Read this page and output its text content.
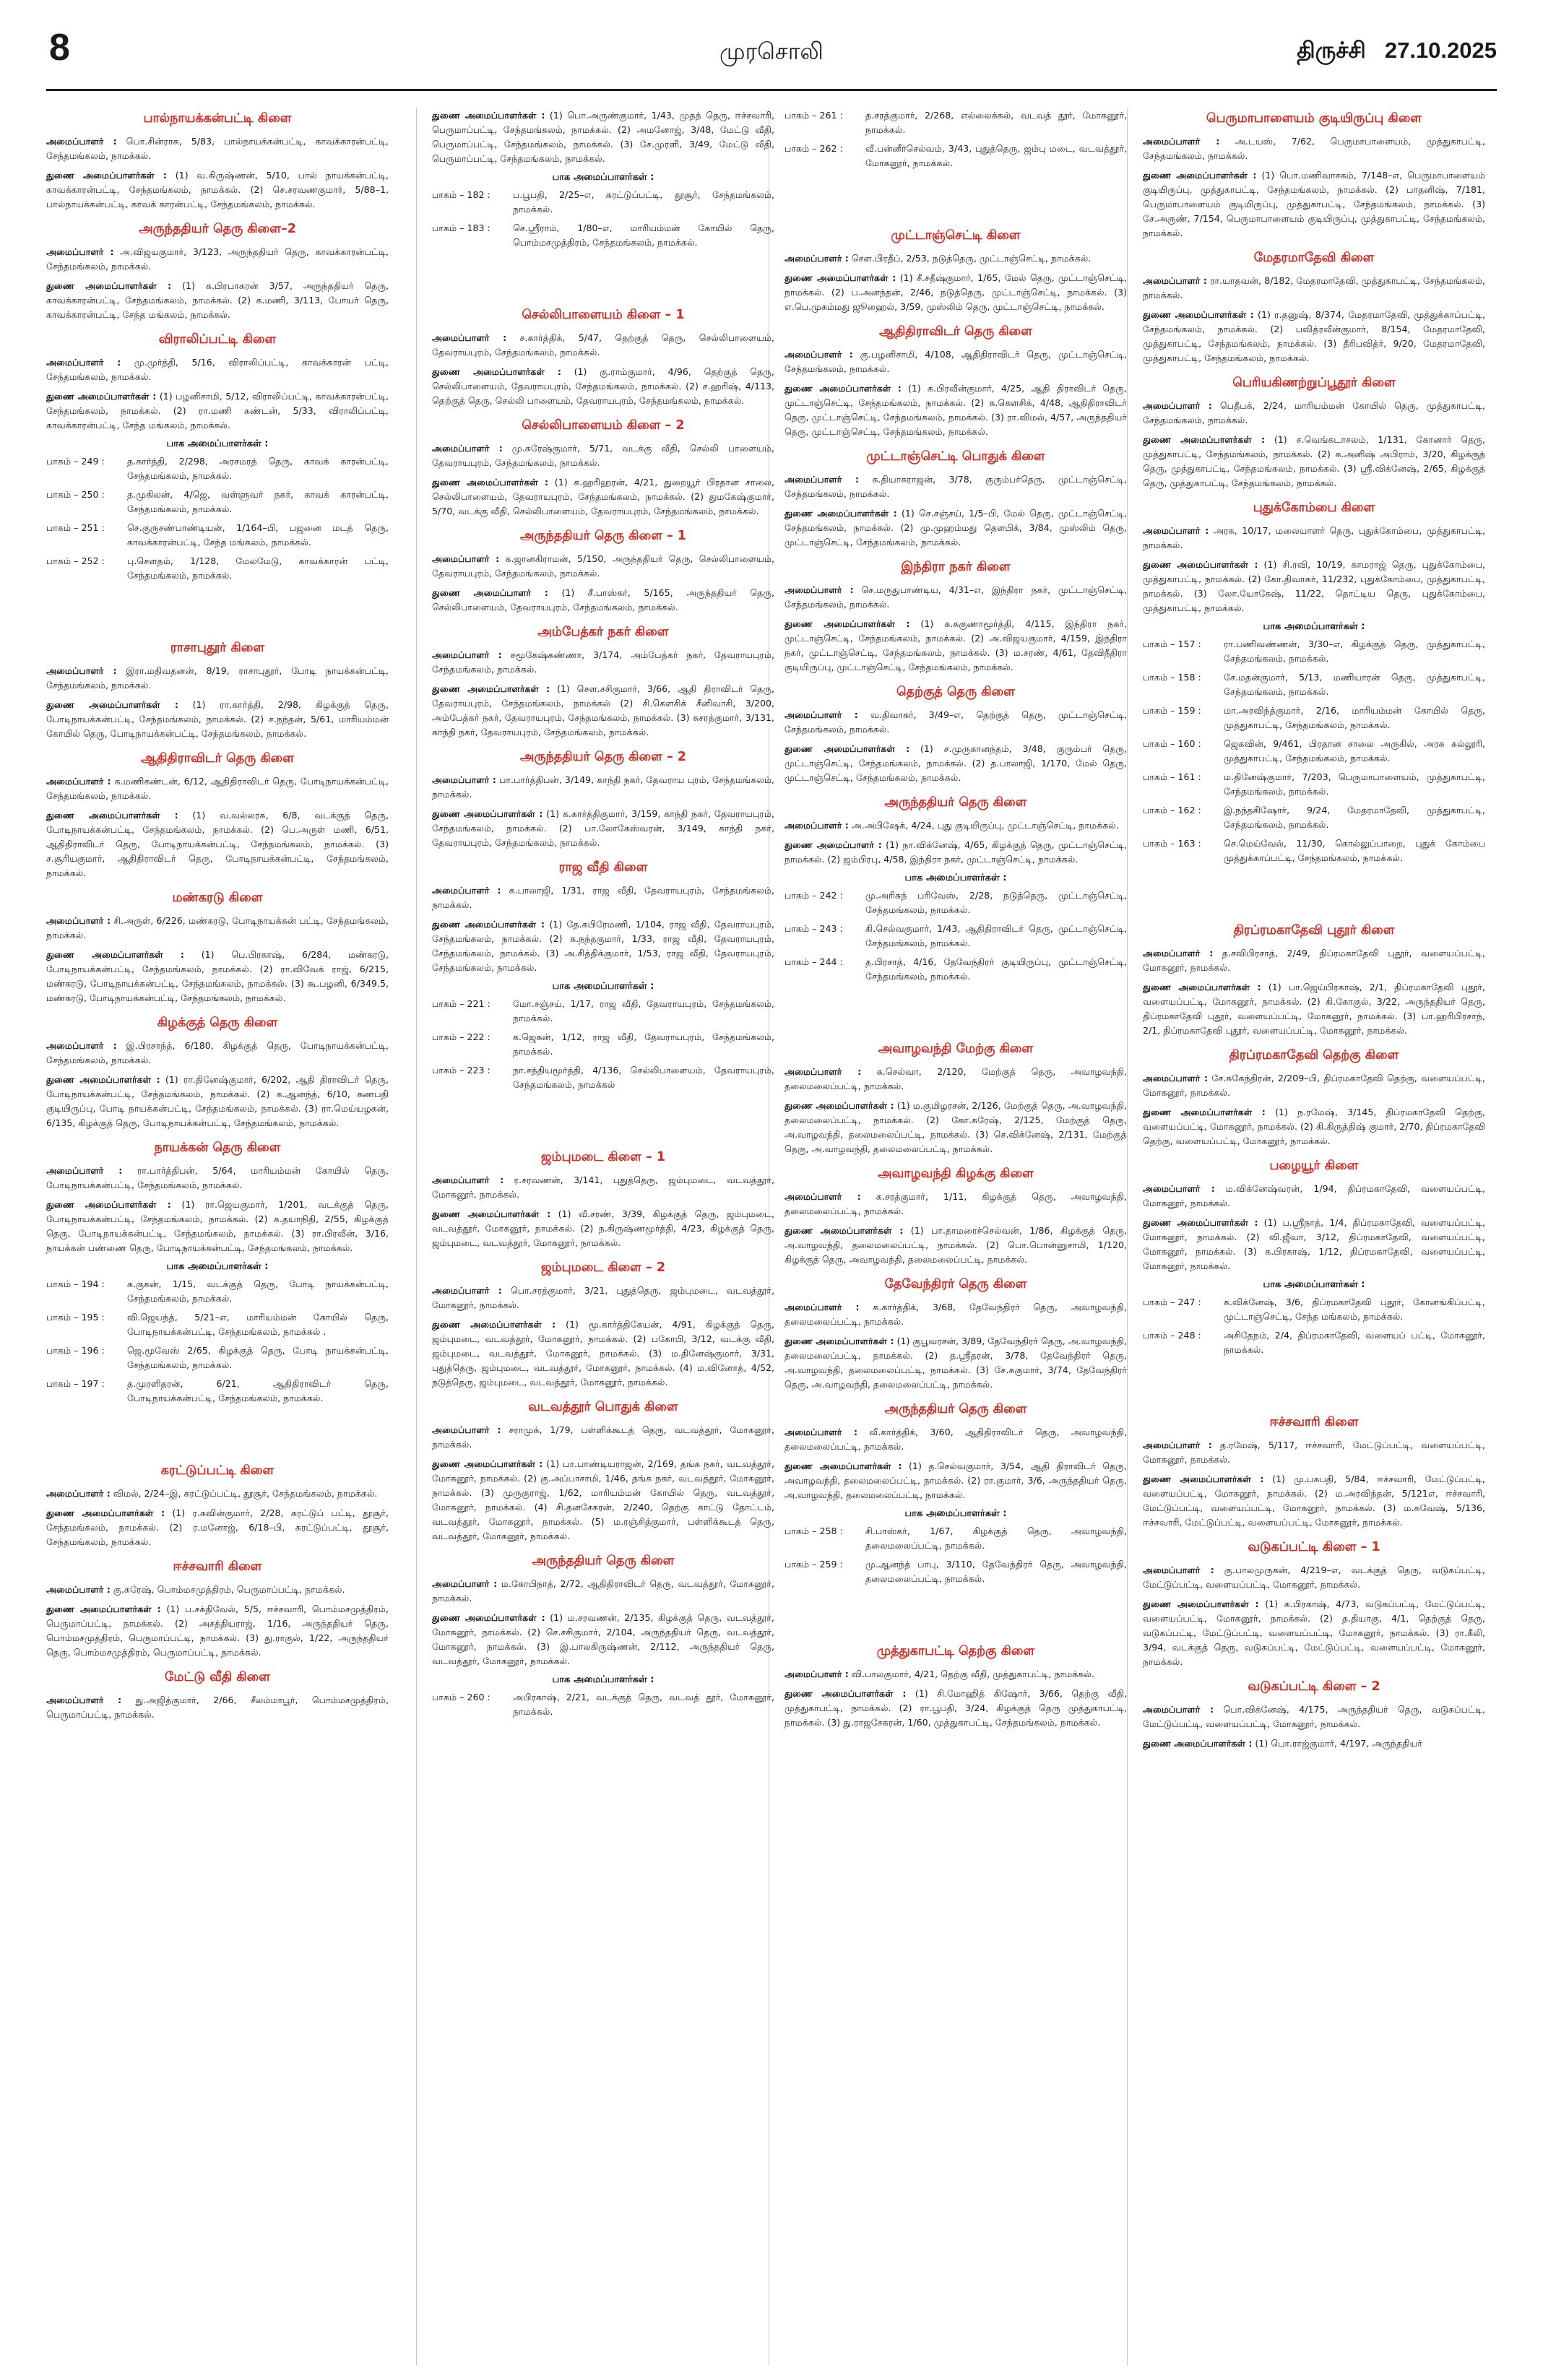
8	முரசொலி	திருச்சி 27.10.2025
பால்நாயக்கன்பட்டி கிளை

அமைப்பாளர் : பொ.சின்ராசு, 5/83, பால்நாயக்கன்பட்டி, காவக்காரன்பட்டி, சேந்தமங்கலம், நாமக்கல்.

துணை அமைப்பாளர்கள் : (1) வ.கிருஷ்ணன், 5/10, பால் நாயக்கன்பட்டி, காவக்காரன்பட்டி, சேந்தமங்கலம், நாமக்கல். (2) செ.சரவணகுமார், 5/88–1, பால்நாயக்கன்பட்டி, காவக் காரன்பட்டி, சேந்தமங்கலம், நாமக்கல்.

அருந்ததியர் தெரு கிளை–2

அமைப்பாளர் : அ.விஜயகுமார், 3/123, அருந்ததியர் தெரு, காவக்காரன்பட்டி, சேந்தமங்கலம், நாமக்கல்.

துணை அமைப்பாளர்கள் : (1) க.பிரபாகரன் 3/57, அருந்ததியர் தெரு, காவக்காரன்பட்டி, சேந்தமங்கலம், நாமக்கல். (2) க.மணி, 3/113, போயர் தெரு, காவக்காரன்பட்டி, சேந்த மங்கலம், நாமக்கல்.

விராலிப்பட்டி கிளை

அமைப்பாளர் : மு.முர்த்தி, 5/16, விராலிப்பட்டி, காவக்காரன் பட்டி, சேந்தமங்கலம், நாமக்கல்.

துணை அமைப்பாளர்கள் : (1) பழனிசாமி, 5/12, விராலிப்பட்டி, காவக்காரன்பட்டி, சேந்தமங்கலம், நாமக்கல். (2) ரா.மணி கண்டன், 5/33, விராலிப்பட்டி, காவக்காரன்பட்டி, சேந்த மங்கலம், நாமக்கல்.

பாக அமைப்பாளர்கள் :
பாகம் – 249 :	த.கார்த்தி, 2/298, அரசமரத் தெரு, காவக் காரன்பட்டி, சேந்தமங்கலம், நாமக்கல்.
பாகம் – 250 :	த.முகிலன், 4/ஜெ, வள்ளுவர் நகர், காவக் காரன்பட்டி, சேந்தமங்கலம், நாமக்கல்.
பாகம் – 251 :	செ.குருசண்பாண்டியன், 1/164–பி, பஜனை மடத் தெரு, காவக்காரன்பட்டி, சேந்த மங்கலம், நாமக்கல்.
பாகம் – 252 :	பு.சௌதம், 1/128, மேலமேடு, காவக்காரன் பட்டி, சேந்தமங்கலம், நாமக்கல்.
ராசாபுதூர் கிளை

அமைப்பாளர் : இரா.மதிவதனன், 8/19, ராசாபுதூர், போடி நாயக்கன்பட்டி, சேந்தமங்கலம், நாமக்கல்.

துணை அமைப்பாளர்கள் : (1) ரா.கார்த்தி, 2/98, கிழக்குத் தெரு, போடிநாயக்கன்பட்டி, சேந்தமங்கலம், நாமக்கல். (2) ச.நந்தன், 5/61, மாரியம்மன் கோயில் தெரு, போடிநாயக்கன்பட்டி, சேந்தமங்கலம், நாமக்கல்.

ஆதிதிராவிடர் தெரு கிளை

அமைப்பாளர் : க.மணிகண்டன், 6/12, ஆதிதிராவிடர் தெரு, போடிநாயக்கன்பட்டி, சேந்தமங்கலம், நாமக்கல்.

துணை அமைப்பாளர்கள் : (1) வ.வல்லரசு, 6/8, வடக்குத் தெரு, போடிநாயக்கன்பட்டி, சேந்தமங்கலம், நாமக்கல். (2) பெ.அருள் மணி, 6/51, ஆதிதிராவிடர் தெரு, போடிநாயக்கன்பட்டி, சேந்தமங்கலம், நாமக்கல். (3) ச.சூரியகுமார், ஆதிதிராவிடர் தெரு, போடிநாயக்கன்பட்டி, சேந்தமங்கலம், நாமக்கல்.

மண்கரடு கிளை

அமைப்பாளர் : சி.அருள், 6/226, மண்கரடு, போடிநாயக்கன் பட்டி, சேந்தமங்கலம், நாமக்கல்.

துணை அமைப்பாளர்கள் : (1) பெ.பிரகாஷ், 6/284, மண்கரடு, போடிநாயக்கன்பட்டி, சேந்தமங்கலம், நாமக்கல். (2) ரா.விவேக் ராஜ், 6/215, மண்கரடு, போடிநாயக்கன்பட்டி, சேந்தமங்கலம், நாமக்கல். (3) கூ.பழனி, 6/349.5, மண்கரடு, போடிநாயக்கன்பட்டி, சேந்தமங்கலம், நாமக்கல்.

கிழக்குத் தெரு கிளை

அமைப்பாளர் : இ.பிரசாந்த், 6/180, கிழக்குத் தெரு, போடிநாயக்கன்பட்டி, சேந்தமங்கலம், நாமக்கல்.

துணை அமைப்பாளர்கள் : (1) ரா.தினேஷ்குமார், 6/202, ஆதி திராவிடர் தெரு, போடிநாயக்கன்பட்டி, சேந்தமங்கலம், நாமக்கல். (2) க.ஆனந்த், 6/10, கணபதி குடியிருப்பு, போடி நாயக்கன்பட்டி, சேந்தமங்கலம், நாமக்கல். (3) ரா.மெய்யழகன், 6/135, கிழக்குத் தெரு, போடிநாயக்கன்பட்டி, சேந்தமங்கலம், நாமக்கல்.

நாயக்கன் தெரு கிளை

அமைப்பாளர் : ரா.பார்த்திபன், 5/64, மாரியம்மன் கோயில் தெரு, போடிநாயக்கன்பட்டி, சேந்தமங்கலம், நாமக்கல்.

துணை அமைப்பாளர்கள் : (1) ரா.ஜெயகுமார், 1/201, வடக்குத் தெரு, போடிநாயக்கன்பட்டி, சேந்தமங்கலம், நாமக்கல். (2) க.தயாநிதி, 2/55, கிழக்குத் தெரு, போடிநாயக்கன்பட்டி, சேந்தமங்கலம், நாமக்கல். (3) ரா.பிரவீன், 3/16, நாயக்கன் பண்ணை தெரு, போடிநாயக்கன்பட்டி, சேந்தமங்கலம், நாமக்கல்.

பாக அமைப்பாளர்கள் :
பாகம் – 194 :	க.குகன், 1/15, வடக்குத் தெரு, போடி நாயக்கன்பட்டி, சேந்தமங்கலம், நாமக்கல்.
பாகம் – 195 :	வி.ஜெயந்த், 5/21–எ, மாரியம்மன் கோயில் தெரு, போடிநாயக்கன்பட்டி, சேந்தமங்கலம், நாமக்கல் .
பாகம் – 196 :	ஜெ.மூவேஸ் 2/65, கிழக்குத் தெரு, போடி நாயக்கன்பட்டி, சேந்தமங்கலம், நாமக்கல்.
பாகம் – 197 :	த.முரளிதரன், 6/21, ஆதிதிராவிடர் தெரு, போடிநாயக்கன்பட்டி, சேந்தமங்கலம், நாமக்கல்.
கரட்டுப்பட்டி கிளை

அமைப்பாளர் : விமல், 2/24–இ, கரட்டுப்பட்டி, தூசூர், சேந்தமங்கலம், நாமக்கல்.

துணை அமைப்பாளர்கள் : (1) ர.கவின்குமார், 2/28, கரட்டுப் பட்டி, தூசூர், சேந்தமங்கலம், நாமக்கல். (2) ர.மனோஜ், 6/18–பி, கரட்டுப்பட்டி, தூசூர், சேந்தமங்கலம், நாமக்கல்.

ஈச்சவாரி கிளை

அமைப்பாளர் : கு.சுரேஷ், பொம்மசமுத்திரம், பெருமாப்பட்டி, நாமக்கல்.

துணை அமைப்பாளர்கள் : (1) ப.சக்திவேல், 5/5, ஈச்சவாரி, பொம்மசமுத்திரம், பெருமாப்பட்டி, நாமக்கல். (2) அசத்தியராஜ், 1/16, அருந்ததியர் தெரு, பொம்மசமுத்திரம், பெருமாப்பட்டி, நாமக்கல். (3) து.ராகுல், 1/22, அருந்ததியர் தெரு, பொம்மசமுத்திரம், பெருமாப்பட்டி, நாமக்கல்.

மேட்டு வீதி கிளை

அமைப்பாளர் : து.அஜித்குமார், 2/66, சீலம்மாபூர், பொம்மசமுத்திரம், பெருமாப்பட்டி, நாமக்கல்.

துணை அமைப்பாளர்கள் : (1) பொ.அருண்குமார், 1/43, முதத் தெரு, ஈச்சவாரி, பெருமாப்பட்டி, சேந்தமங்கலம், நாமக்கல். (2) அமனோஜ், 3/48, மேட்டு வீதி, பெருமாப்பட்டி, சேந்தமங்கலம், நாமக்கல். (3) சே.முரளி, 3/49, மேட்டு வீதி, பெருமாப்பட்டி, சேந்தமங்கலம், நாமக்கல்.

பாக அமைப்பாளர்கள் :
பாகம் – 182 :	ப.பூபதி, 2/25–எ, கரட்டுப்பட்டி, தூசூர், சேந்தமங்கலம், நாமக்கல்.
பாகம் – 183 :	செ.ஸ்ரீராம், 1/80–எ, மாரியம்மன் கோயில் தெரு, பொம்மசமுத்திரம், சேந்தமங்கலம், நாமக்கல்.
செல்லிபாளையம் கிளை – 1

அமைப்பாளர் : ச.கார்த்திக், 5/47, தெற்குத் தெரு, செல்லிபாளையம், தேவராயபுரம், சேந்தமங்கலம், நாமக்கல்.

துணை அமைப்பாளர்கள் : (1) கு.ராம்குமார், 4/96, தெற்குத் தெரு, செல்லிபாளையம், தேவராயபுரம், சேந்தமங்கலம், நாமக்கல். (2) ச.ஹரிஷ், 4/113, தெற்குத் தெரு, செல்லி பாளையம், தேவராயபுரம், சேந்தமங்கலம், நாமக்கல்.

செல்லிபாளையம் கிளை – 2

அமைப்பாளர் : மு.சுரேஷ்குமார், 5/71, வடக்கு வீதி, செல்லி பாளையம், தேவராயபுரம், சேந்தமங்கலம், நாமக்கல்.

துணை அமைப்பாளர்கள் : (1) க.ஹரிஹரன், 4/21, துறையூர் பிரதான சாலை, செல்லிபாளையம், தேவராயபுரம், சேந்தமங்கலம், நாமக்கல். (2) துமகேஷ்குமார், 5/70, வடக்கு வீதி, செல்லிபாளையம், தேவராயபுரம், சேந்தமங்கலம், நாமக்கல்.

அருந்ததியர் தெரு கிளை – 1

அமைப்பாளர் : க.ஜானகிராமன், 5/150, அருந்ததியர் தெரு, செல்லிபாளையம், தேவராயபுரம், சேந்தமங்கலம், நாமக்கல்.

துணை அமைப்பாளர் : (1) சீ.பாஸ்கர், 5/165, அருந்ததியர் தெரு, செல்லிபாளையம், தேவராயபுரம், சேந்தமங்கலம், நாமக்கல்.

அம்பேத்கர் நகர் கிளை

அமைப்பாளர் : சமூகேஷ்கண்ணா, 3/174, அம்பேத்கர் நகர், தேவராயபுரம், சேந்தமங்கலம், நாமக்கல்.

துணை அமைப்பாளர்கள் : (1) சௌ.சசிகுமார், 3/66, ஆதி திராவிடர் தெரு, தேவராயபுரம், சேந்தமங்கலம், நாமக்கல் (2) சி.கௌசிக் சீனிவாசி, 3/200, அம்பேத்கர் நகர், தேவராயபுரம், சேந்தமங்கலம், நாமக்கல். (3) சுசரத்குமார், 3/131, காந்தி நகர், தேவராயபுரம், சேந்தமங்கலம், நாமக்கல்.

அருந்ததியர் தெரு கிளை – 2

அமைப்பாளர் : பா.பார்த்திபன், 3/149, காந்தி நகர், தேவராய புரம், சேந்தமங்கலம், நாமக்கல்.

துணை அமைப்பாளர்கள் : (1) க.கார்த்திகுமார், 3/159, காந்தி நகர், தேவராயபுரம், சேந்தமங்கலம், நாமக்கல். (2) பா.லோகேஸ்வரன், 3/149, காந்தி நகர், தேவராயபுரம், சேந்தமங்கலம், நாமக்கல்.

ராஜ வீதி கிளை

அமைப்பாளர் : க.பாலாஜி, 1/31, ராஜ வீதி, தேவராயபுரம், சேந்தமங்கலம், நாமக்கல்.

துணை அமைப்பாளர்கள் : (1) தே.கபிரேமணி, 1/104, ராஜ வீதி, தேவராயபுரம், சேந்தமங்கலம், நாமக்கல். (2) க.நந்தகுமார், 1/33, ராஜ வீதி, தேவராயபுரம், சேந்தமங்கலம், நாமக்கல். (3) அ.சித்திக்குமார், 1/53, ராஜ வீதி, தேவராயபுரம், சேந்தமங்கலம், நாமக்கல்.

பாக அமைப்பாளர்கள் :
பாகம் – 221 :	மோ.சஞ்சய், 1/17, ராஜ வீதி, தேவராயபுரம், சேந்தமங்கலம், நாமக்கல்.
பாகம் – 222 :	க.ஜெகன், 1/12, ராஜ வீதி, தேவராயபுரம், சேந்தமங்கலம், நாமக்கல்.
பாகம் – 223 :	நா.சத்தியமூர்த்தி, 4/136, செல்லிபாளையம், தேவராயபுரம், சேந்தமங்கலம், நாமக்கல்
ஜம்புமடை கிளை – 1

அமைப்பாளர் : ர.சரவணன், 3/141, புதுத்தெரு, ஜம்புமடை, வடவத்தூர், மோகனூர், நாமக்கல்.

துணை அமைப்பாளர்கள் : (1) வீ.சரண், 3/39, கிழக்குத் தெரு, ஜம்புமடை, வடவத்தூர், மோகனூர், நாமக்கல். (2) ந.கிருஷ்ணமூர்த்தி, 4/23, கிழக்குத் தெரு, ஜம்புமடை, வடவத்தூர், மோகனூர், நாமக்கல்.

ஜம்புமடை கிளை – 2

அமைப்பாளர் : பொ.சரத்குமார், 3/21, புதுத்தெரு, ஜம்புமடை, வடவத்தூர், மோகனூர், நாமக்கல்.

துணை அமைப்பாளர்கள் : (1) மூ.கார்த்திகேயன், 4/91, கிழக்குத் தெரு, ஜம்புமடை, வடவத்தூர், மோகனூர், நாமக்கல். (2) பகோபி, 3/12, வடக்கு வீதி, ஜம்புமடை, வடவத்தூர், மோகனூர், நாமக்கல். (3) ம.தினேஷ்குமார், 3/31, புதுத்தெரு, ஜம்புமடை, வடவத்தூர், மோகனூர், நாமக்கல். (4) ம.வினோத், 4/52, நடுத்தெரு, ஜம்புமடை, வடவத்தூர், மோகனூர், நாமக்கல்.

வடவத்தூர் பொதுக் கிளை

அமைப்பாளர் : சராமுக், 1/79, பள்ளிக்கூடத் தெரு, வடவத்தூர், மோகனூர், நாமக்கல்.

துணை அமைப்பாளர்கள் : (1) பா.பாண்டியராஜன், 2/169, தங்க நகர், வடவத்தூர், மோகனூர், நாமக்கல். (2) கு.அப்பாசாமி, 1/46, தங்க நகர், வடவத்தூர், மோகனூர், நாமக்கல். (3) முருகுராஜ், 1/62, மாரியம்மன் கோயில் தெரு, வடவத்தூர், மோகனூர், நாமக்கல். (4) சி.தனசேகரன், 2/240, தெற்கு காட்டு தோட்டம், வடவத்தூர், மோகனூர், நாமக்கல். (5) ம.ரஞ்சித்குமார், பள்ளிக்கூடத் தெரு, வடவத்தூர், மோகனூர், நாமக்கல்.

அருந்ததியர் தெரு கிளை

அமைப்பாளர் : ம.கோபிநாத், 2/72, ஆதிதிராவிடர் தெரு, வடவத்தூர், மோகனூர், நாமக்கல்.

துணை அமைப்பாளர்கள் : (1) ம.சரவணன், 2/135, கிழக்குத் தெரு, வடவத்தூர், மோகனூர், நாமக்கல். (2) செ.சசிகுமார், 2/104, அருந்ததியர் தெரு, வடவத்தூர், மோகனூர், நாமக்கல். (3) இ.பாலகிருஷ்ணன், 2/112, அருந்ததியர் தெரு, வடவத்தூர், மோகனூர், நாமக்கல்.

பாக அமைப்பாளர்கள் :
பாகம் – 260 :	அபிரகாஷ், 2/21, வடக்குத் தெரு, வடவத் தூர், மோகனூர், நாமக்கல்.
பாகம் – 261 :	த.சரத்குமார், 2/268, எல்லைக்கல், வடவத் தூர், மோகனூர், நாமக்கல்.
பாகம் – 262 :	வீ.பன்னீர்செல்வம், 3/43, புதுத்தெரு, ஜம்பு மடை, வடவத்தூர், மோகனூர், நாமக்கல்.
முட்டாஞ்செட்டி கிளை

அமைப்பாளர் : சௌ.பிரதீப், 2/53, நடுத்தெரு, முட்டாஞ்செட்டி, நாமக்கல்.

துணை அமைப்பாளர்கள் : (1) சீ.சதீஷ்குமார், 1/65, மேல் தெரு, முட்டாஞ்செட்டி, நாமக்கல். (2) ப.அனந்தன், 2/46, நடுத்தெரு, முட்டாஞ்செட்டி, நாமக்கல். (3) எ.பெ.முகம்மது ஜூஹைல், 3/59, முஸ்லிம் தெரு, முட்டாஞ்செட்டி, நாமக்கல்.

ஆதிதிராவிடர் தெரு கிளை

அமைப்பாளர் : கு.பழனிசாமி, 4/108, ஆதிதிராவிடர் தெரு, முட்டாஞ்செட்டி, சேந்தமங்கலம், நாமக்கல்.

துணை அமைப்பாளர்கள் : (1) க.பிரவீன்குமார், 4/25, ஆதி திராவிடர் தெரு, முட்டாஞ்செட்டி, சேந்தமங்கலம், நாமக்கல். (2) க.கௌசிக், 4/48, ஆதிதிராவிடர் தெரு, முட்டாஞ்செட்டி, சேந்தமங்கலம், நாமக்கல். (3) ரா.விமல், 4/57, அருந்ததியர் தெரு, முட்டாஞ்செட்டி, சேந்தமங்கலம், நாமக்கல்.

முட்டாஞ்செட்டி பொதுக் கிளை

அமைப்பாளர் : க.தியாகராஜன், 3/78, குரும்பர்தெரு, முட்டாஞ்செட்டி, சேந்தமங்கலம், நாமக்கல்.

துணை அமைப்பாளர்கள் : (1) செ.சஞ்சய், 1/5–பி, மேல் தெரு, முட்டாஞ்செட்டி, சேந்தமங்கலம், நாமக்கல். (2) மு.முஹம்மது தௌபிக், 3/84, முஸ்லிம் தெரு, முட்டாஞ்செட்டி, சேந்தமங்கலம், நாமக்கல்.

இந்திரா நகர் கிளை

அமைப்பாளர் : செ.மருதுபாண்டிய, 4/31–எ, இந்திரா நகர், முட்டாஞ்செட்டி, சேந்தமங்கலம், நாமக்கல்.

துணை அமைப்பாளர்கள் : (1) க.சுகுணாமூர்த்தி, 4/115, இந்திரா நகர், முட்டாஞ்செட்டி, சேந்தமங்கலம், நாமக்கல். (2) அ.விஜயகுமார், 4/159, இந்திரா நகர், முட்டாஞ்செட்டி, சேந்தமங்கலம், நாமக்கல். (3) ம.சரண், 4/61, தேவிநீதிரா குடியிருப்பு, முட்டாஞ்செட்டி, சேந்தமங்கலம், நாமக்கல்.

தெற்குத் தெரு கிளை

அமைப்பாளர் : வ.திவாகர், 3/49–எ, தெற்குத் தெரு, முட்டாஞ்செட்டி, சேந்தமங்கலம், நாமக்கல்.

துணை அமைப்பாளர்கள் : (1) ச.முருகானந்தம், 3/48, குரும்பர் தெரு, முட்டாஞ்செட்டி, சேந்தமங்கலம், நாமக்கல். (2) த.பாலாஜி, 1/170, மேல் தெரு, முட்டாஞ்செட்டி, சேந்தமங்கலம், நாமக்கல்.

அருந்ததியர் தெரு கிளை

அமைப்பாளர் : அ.அபிஷேக், 4/24, புது குடியிருப்பு, முட்டாஞ்செட்டி, நாமக்கல்.

துணை அமைப்பாளர் : (1) நா.விக்னேஷ், 4/65, கிழக்குத் தெரு, முட்டாஞ்செட்டி, நாமக்கல். (2) ஜம்பிரபு, 4/58, இந்திரா நகர், முட்டாஞ்செட்டி, நாமக்கல்.

பாக அமைப்பாளர்கள் :
பாகம் – 242 :	மு.அரிசுந் பரிவேஸ், 2/28, நடுத்தெரு, முட்டாஞ்செட்டி, சேந்தமங்கலம், நாமக்கல்.
பாகம் – 243 :	கி.செல்வகுமார், 1/43, ஆதிதிராவிடர் தெரு, முட்டாஞ்செட்டி, சேந்தமங்கலம், நாமக்கல்.
பாகம் – 244 :	த.பிரசாத், 4/16, தேவேந்திரர் குடியிருப்பு, முட்டாஞ்செட்டி, சேந்தமங்கலம், நாமக்கல்.
அவாழவந்தி மேற்கு கிளை

அமைப்பாளர் : க.செல்வா, 2/120, மேற்குத் தெரு, அவாழவந்தி, தலைமலைப்பட்டி, நாமக்கல்.

துணை அமைப்பாளர்கள் : (1) ம.குமிழரசன், 2/126, மேற்குத் தெரு, அ.வாழவந்தி, தலைமலைப்பட்டி, நாமக்கல். (2) கோ.சுரேஷ், 2/125, மேற்குத் தெரு, அ.வாழவந்தி, தலைமலைப்பட்டி, நாமக்கல். (3) செ.விக்னேஷ், 2/131, மேற்குத் தெரு, அ.வாழவந்தி, தலைமலைப்பட்டி, நாமக்கல்.

அவாழவந்தி கிழக்கு கிளை

அமைப்பாளர் : க.சரத்குமார், 1/11, கிழக்குத் தெரு, அவாழவந்தி, தலைமலைப்பட்டி, நாமக்கல்.

துணை அமைப்பாளர்கள் : (1) பா.தாமரைச்செல்வன், 1/86, கிழக்குத் தெரு, அ.வாழவந்தி, தலைமலைப்பட்டி, நாமக்கல். (2) பொ.பொன்னுசாமி, 1/120, கிழக்குத் தெரு, அவாழவந்தி, தலைமலைப்பட்டி, நாமக்கல்.

தேவேந்திரர் தெரு கிளை

அமைப்பாளர் : க.கார்த்திக், 3/68, தேவேந்திரர் தெரு, அவாழவந்தி, தலைமலைப்பட்டி, நாமக்கல்.

துணை அமைப்பாளர்கள் : (1) குபூவரசன், 3/89, தேவேந்திரர் தெரு, அ.வாழவந்தி, தலைமலைப்பட்டி, நாமக்கல். (2) த.ஸ்ரீதரன், 3/78, தேவேந்திரர் தெரு, அ.வாழவந்தி, தலைமலைப்பட்டி, நாமக்கல். (3) சே.சுகுமார், 3/74, தேவேந்திரர் தெரு, அ.வாழவந்தி, தலைமலைப்பட்டி, நாமக்கல்.

அருந்ததியர் தெரு கிளை

அமைப்பாளர் : வீ.கார்த்திக், 3/60, ஆதிதிராவிடர் தெரு, அவாழவந்தி, தலைமலைப்பட்டி, நாமக்கல்.

துணை அமைப்பாளர்கள் : (1) த.செல்வகுமார், 3/54, ஆதி திராவிடர் தெரு, அவாழவந்தி, தலைமலைப்பட்டி, நாமக்கல். (2) ரா.குமார், 3/6, அருந்ததியர் தெரு, அ.வாழவந்தி, தலைமலைப்பட்டி, நாமக்கல்.

பாக அமைப்பாளர்கள் :
பாகம் – 258 :	சி.பாஸ்கர், 1/67, கிழக்குத் தெரு, அவாழவந்தி, தலைமலைப்பட்டி, நாமக்கல்.
பாகம் – 259 :	மு.ஆனந்த் பாபு, 3/110, தேவேந்திரர் தெரு, அவாழவந்தி, தலைமலைப்பட்டி, நாமக்கல்.
முத்துகாபட்டி தெற்கு கிளை

அமைப்பாளர் : வி.பாலகுமார், 4/21, தெற்கு வீதி, முத்துகாபட்டி, நாமக்கல்.

துணை அமைப்பாளர்கள் : (1) சி.மோஹித் கிஷோர், 3/66, தெற்கு வீதி, முத்துகாபட்டி, நாமக்கல். (2) ரா.பூபதி, 3/24, கிழக்குத் தெரு முத்துகாபட்டி, நாமக்கல். (3) து.ராஜசேகரன், 1/60, முத்துகாபட்டி, சேந்தமங்கலம், நாமக்கல்.

பெருமாபாளையம் குடியிருப்பு கிளை

அமைப்பாளர் : அ.டயஸ், 7/62, பெருமாபாளையம், முத்துகாபட்டி, சேந்தமங்கலம், நாமக்கல்.

துணை அமைப்பாளர்கள் : (1) பொ.மணிவாசகம், 7/148–எ, பெருமாபாளையம் குடியிருப்பு, முத்துகாபட்டி, சேந்தமங்கலம், நாமக்கல். (2) பாதனிஷ், 7/181, பெருமாபாளையம் குடியிருப்பு, முத்துகாபட்டி, சேந்தமங்கலம், நாமக்கல். (3) சே.அருண், 7/154, பெருமாபாளையம் குடியிருப்பு, முத்துகாபட்டி, சேந்தமங்கலம், நாமக்கல்.

மேதரமாதேவி கிளை

அமைப்பாளர் : ரா.யாதவன், 8/182, மேதரமாதேவி, முத்துகாபட்டி, சேந்தமங்கலம், நாமக்கல்.

துணை அமைப்பாளர்கள் : (1) ர.தனுஷ், 8/374, மேதரமாதேவி, முத்துக்காப்பட்டி, சேந்தமங்கலம், நாமக்கல். (2) பவித்ரவீன்குமார், 8/154, மேதரமாதேவி, முத்துகாபட்டி, சேந்தமங்கலம், நாமக்கல். (3) தீரிபவித்ர், 9/20, மேதரமாதேவி, முத்துகாபட்டி, சேந்தமங்கலம், நாமக்கல்.

பெரியகிணற்றுப்பூதூர் கிளை

அமைப்பாளர் : பெதீபக், 2/24, மாரியம்மன் கோயில் தெரு, முத்துகாபட்டி, சேந்தமங்கலம், நாமக்கல்.

துணை அமைப்பாளர்கள் : (1) ச.வெங்கடாசலம், 1/131, கோனார் தெரு, முத்துகாபட்டி, சேந்தமங்கலம், நாமக்கல். (2) க.அனிஷ் அபிராம், 3/20, கிழக்குத் தெரு, முத்துகாபட்டி, சேந்தமங்கலம், நாமக்கல். (3) ஸ்ரீ.விக்னேஷ், 2/65, கிழக்குத் தெரு, முத்துகாபட்டி, சேந்தமங்கலம், நாமக்கல்.

புதுக்கோம்பை கிளை

அமைப்பாளர் : அரசு, 10/17, மலையாளர் தெரு, புதுக்கோம்பை, முத்துகாபட்டி, நாமக்கல்.

துணை அமைப்பாளர்கள் : (1) சி.ரவி, 10/19, காமராஜ் தெரு, புதுக்கோம்பை, முத்துகாபட்டி, நாமக்கல். (2) கோ.திவாகர், 11/232, புதுக்கோம்பை, முத்துகாபட்டி, நாமக்கல். (3) லோ.யோகேஷ், 11/22, தொட்டிய தெரு, புதுக்கோம்பை, முத்துகாபட்டி, நாமக்கல்.

பாக அமைப்பாளர்கள் :
பாகம் – 157 :	ரா.பணிவண்ணன், 3/30–எ, கிழக்குத் தெரு, முத்துகாபட்டி, சேந்தமங்கலம், நாமக்கல்.
பாகம் – 158 :	சே.மதன்குமார், 5/13, மணியாரன் தெரு, முத்துகாபட்டி, சேந்தமங்கலம், நாமக்கல்.
பாகம் – 159 :	மா.அரவிந்த்குமார், 2/16, மாரியம்மன் கோயில் தெரு, முத்துகாபட்டி, சேந்தமங்கலம், நாமக்கல்.
பாகம் – 160 :	ஜெகவின், 9/461, பிரதான சாலை அருகில், அரசு கல்லூரி, முத்துகாபட்டி, சேந்தமங்கலம், நாமக்கல்.
பாகம் – 161 :	ம.தினேஷ்குமார், 7/203, பெருமாபாளையம், முத்துகாபட்டி, சேந்தமங்கலம், நாமக்கல்.
பாகம் – 162 :	இ.நந்தகிஷோர், 9/24, மேதரமாதேவி, முத்துகாபட்டி, சேந்தமங்கலம், நாமக்கல்.
பாகம் – 163 :	செ.மெய்வேல், 11/30, கொல்லுப்பாறை, புதுக் கோம்பை முத்துக்காப்பட்டி, சேந்தமங்கலம், நாமக்கல்.
திரப்ரமகாதேவி புதூர் கிளை

அமைப்பாளர் : த.சவிபிரசாத், 2/49, திப்ரமகாதேவி புதூர், வளையப்பட்டி, மோகனூர், நாமக்கல்.

துணை அமைப்பாளர்கள் : (1) பா.ஜெய்பிரகாஷ், 2/1, திப்ரமகாதேவி புதூர், வளையப்பட்டி, மோகனூர், நாமக்கல். (2) கி.கோகுல், 3/22, அருந்ததியர் தெரு, திப்ரமகாதேவி புதூர், வளையப்பட்டி, மோகனூர், நாமக்கல். (3) பா.ஹரிபிரசாந், 2/1, திப்ரமகாதேவி புதூர், வளையப்பட்டி, மோகனூர், நாமக்கல்.

திரப்ரமகாதேவி தெற்கு கிளை

அமைப்பாளர் : சே.சுகேந்திரன், 2/209–பி, திப்ரமகாதேவி தெற்கு, வளையப்பட்டி, மோகனூர், நாமக்கல்.

துணை அமைப்பாளர்கள் : (1) ந.ரமேஷ், 3/145, திப்ரமகாதேவி தெற்கு, வளையப்பட்டி, மோகனூர், நாமக்கல். (2) கி.கிருத்திஷ் குமார், 2/70, திப்ரமகாதேவி தெற்கு, வளையப்பட்டி, மோகனூர், நாமக்கல்.

பழையூர் கிளை

அமைப்பாளர் : ம.விக்னேஷ்வரன், 1/94, திப்ரமகாதேவி, வளையப்பட்டி, மோகனூர், நாமக்கல்.

துணை அமைப்பாளர்கள் : (1) ப.ஸ்ரீநாத், 1/4, திப்ரமகாதேவி, வளையப்பட்டி, மோகனூர், நாமக்கல். (2) வி.ஜீவா, 3/12, திப்ரமகாதேவி, வளையப்பட்டி, மோகனூர், நாமக்கல். (3) க.பிரகாஷ், 1/12, திப்ரமகாதேவி, வளையப்பட்டி, மோகனூர், நாமக்கல்.

பாக அமைப்பாளர்கள் :
பாகம் – 247 :	க.விக்னேஷ், 3/6, திப்ரமகாதேவி புதூர், கோனங்கிப்பட்டி, முட்டாஞ்செட்டி, சேந்த மங்கலம், நாமக்கல்.
பாகம் – 248 :	அசிதேநம், 2/4, திப்ரமகாதேவி, வளையப் பட்டி, மோகனூர், நாமக்கல்.
ஈச்சவாரி கிளை

அமைப்பாளர் : த.ரமேஷ், 5/117, ஈச்சவாரி, மேட்டுப்பட்டி, வளையப்பட்டி, மோகனூர், நாமக்கல்.

துணை அமைப்பாளர்கள் : (1) மு.பசுபதி, 5/84, ஈச்சவாரி, மேட்டுப்பட்டி, வளையப்பட்டி, மோகனூர், நாமக்கல். (2) ம.அரவிந்தன், 5/121எ, ஈச்சவாரி, மேட்டுப்பட்டி, வளையப்பட்டி, மோகனூர், நாமக்கல். (3) ம.சுவேஷ், 5/136, ஈச்சவாரி, மேட்டுப்பட்டி, வளையப்பட்டி, மோகனூர், நாமக்கல்.

வடுகப்பட்டி கிளை – 1

அமைப்பாளர் : கு.பாலமுருகன், 4/219–எ, வடக்குத் தெரு, வடுகப்பட்டி, மேட்டுப்பட்டி, வளையப்பட்டி, மோகனூர், நாமக்கல்.

துணை அமைப்பாளர்கள் : (1) க.பிரகாஷ், 4/73, வடுகப்பட்டி, மேட்டுப்பட்டி, வளையப்பட்டி, மோகனூர், நாமக்கல். (2) த.தியாகு, 4/1, தெற்குத் தெரு, வடுகப்பட்டி, மேட்டுப்பட்டி, வளையப்பட்டி, மோகனூர், நாமக்கல். (3) ரா.கீலி, 3/94, வடக்குத் தெரு, வடுகப்பட்டி, மேட்டுப்பட்டி, வளையப்பட்டி, மோகனூர், நாமக்கல்.

வடுகப்பட்டி கிளை – 2

அமைப்பாளர் : பொ.விக்னேஷ், 4/175, அருந்ததியர் தெரு, வடுகப்பட்டி, மேட்டுப்பட்டி, வளையப்பட்டி, மோகனூர், நாமக்கல்.

துணை அமைப்பாளர்கள் : (1) பொ.ராஜ்குமார், 4/197, அருந்ததியர்
